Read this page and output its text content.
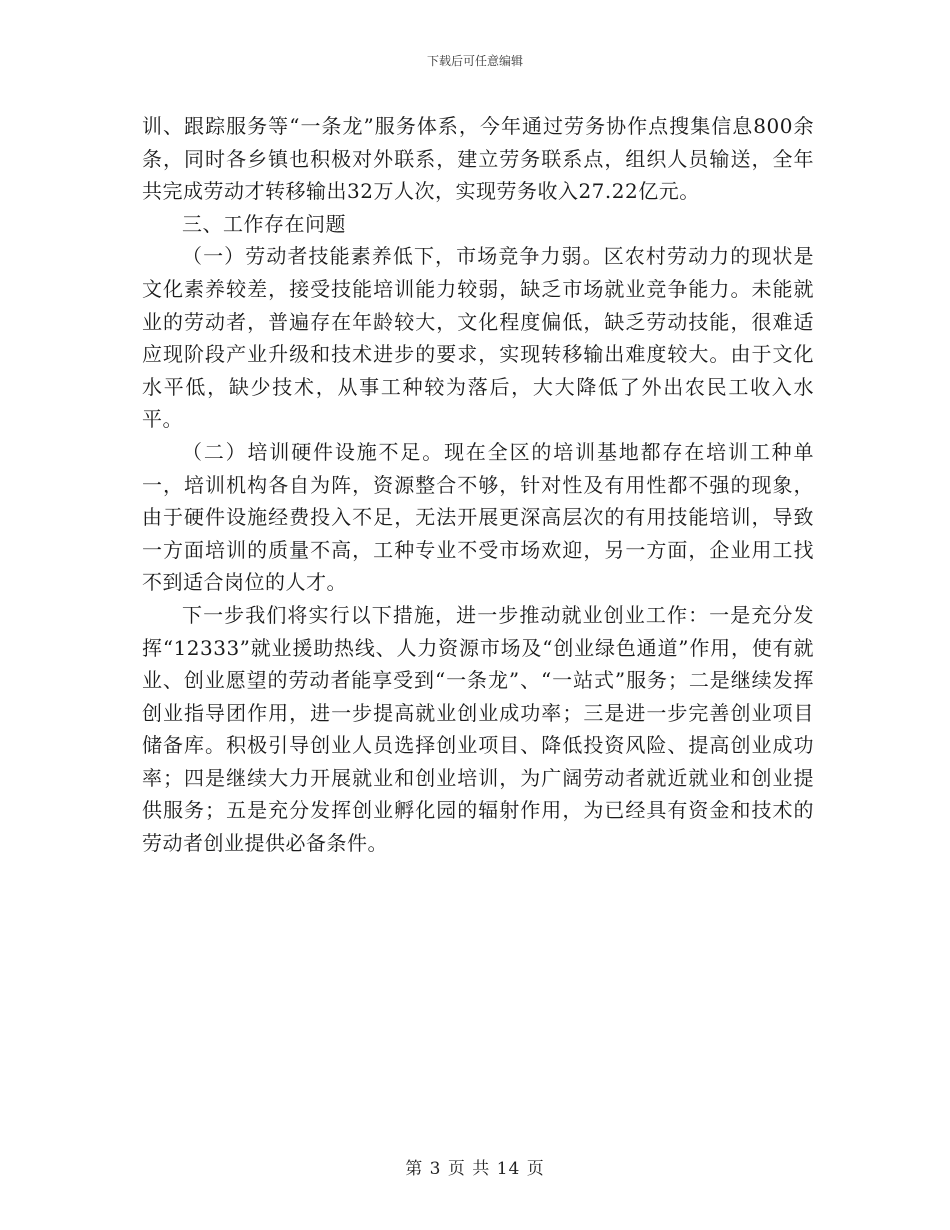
下载后可任意编辑

训、跟踪服务等“一条龙”服务体系，今年通过劳务协作点搜集信息800余条，同时各乡镇也积极对外联系，建立劳务联系点，组织人员输送，全年共完成劳动才转移输出32万人次，实现劳务收入27.22亿元。

三、工作存在问题

（一）劳动者技能素养低下，市场竞争力弱。区农村劳动力的现状是文化素养较差，接受技能培训能力较弱，缺乏市场就业竞争能力。未能就业的劳动者，普遍存在年龄较大，文化程度偏低，缺乏劳动技能，很难适应现阶段产业升级和技术进步的要求，实现转移输出难度较大。由于文化水平低，缺少技术，从事工种较为落后，大大降低了外出农民工收入水平。

（二）培训硬件设施不足。现在全区的培训基地都存在培训工种单一，培训机构各自为阵，资源整合不够，针对性及有用性都不强的现象，由于硬件设施经费投入不足，无法开展更深高层次的有用技能培训，导致一方面培训的质量不高，工种专业不受市场欢迎，另一方面，企业用工找不到适合岗位的人才。

下一步我们将实行以下措施，进一步推动就业创业工作：一是充分发挥“12333”就业援助热线、人力资源市场及“创业绿色通道”作用，使有就业、创业愿望的劳动者能享受到“一条龙”、“一站式”服务；二是继续发挥创业指导团作用，进一步提高就业创业成功率；三是进一步完善创业项目储备库。积极引导创业人员选择创业项目、降低投资风险、提高创业成功率；四是继续大力开展就业和创业培训，为广阔劳动者就近就业和创业提供服务；五是充分发挥创业孵化园的辐射作用，为已经具有资金和技术的劳动者创业提供必备条件。

第 3 页 共 14 页
